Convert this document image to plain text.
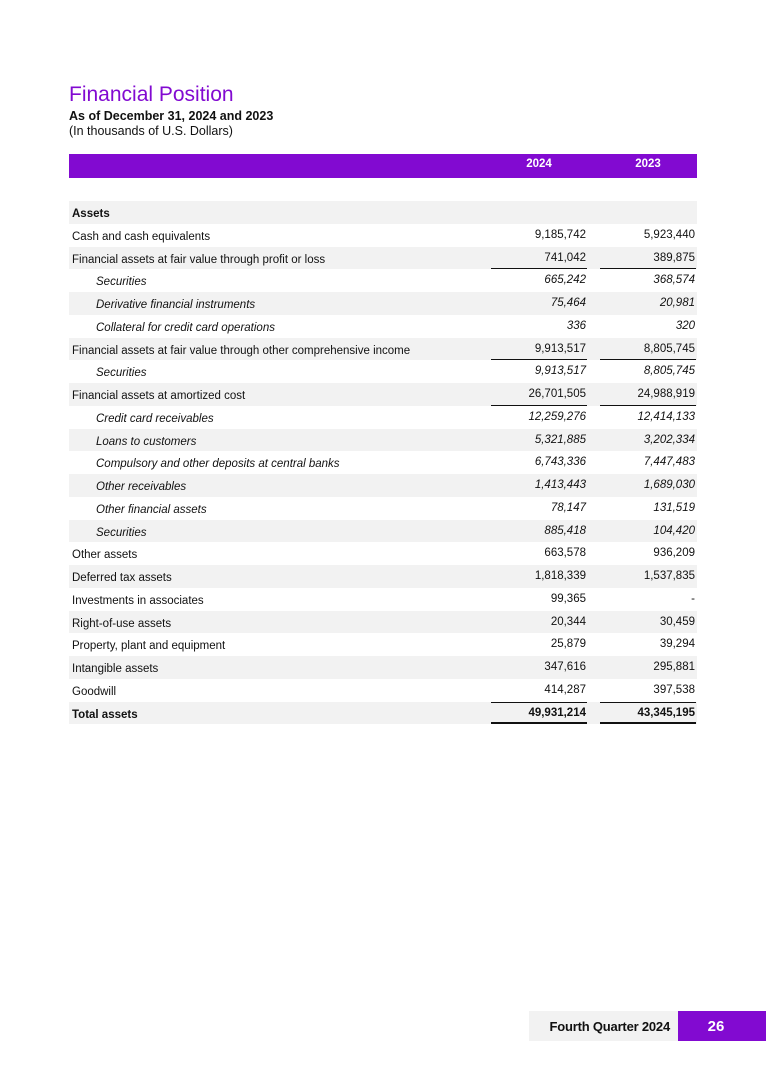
Financial Position
As of December 31, 2024 and 2023
(In thousands of U.S. Dollars)
2024	2023
Assets
Cash and cash equivalents	9,185,742	5,923,440
Financial assets at fair value through profit or loss	741,042	389,875
Securities	665,242	368,574
Derivative financial instruments	75,464	20,981
Collateral for credit card operations	336	320
Financial assets at fair value through other comprehensive income	9,913,517	8,805,745
Securities	9,913,517	8,805,745
Financial assets at amortized cost	26,701,505	24,988,919
Credit card receivables	12,259,276	12,414,133
Loans to customers	5,321,885	3,202,334
Compulsory and other deposits at central banks	6,743,336	7,447,483
Other receivables	1,413,443	1,689,030
Other financial assets	78,147	131,519
Securities	885,418	104,420
Other assets	663,578	936,209
Deferred tax assets	1,818,339	1,537,835
Investments in associates	99,365	-
Right-of-use assets	20,344	30,459
Property, plant and equipment	25,879	39,294
Intangible assets	347,616	295,881
Goodwill	414,287	397,538
Total assets	49,931,214	43,345,195
Fourth Quarter 2024	26
